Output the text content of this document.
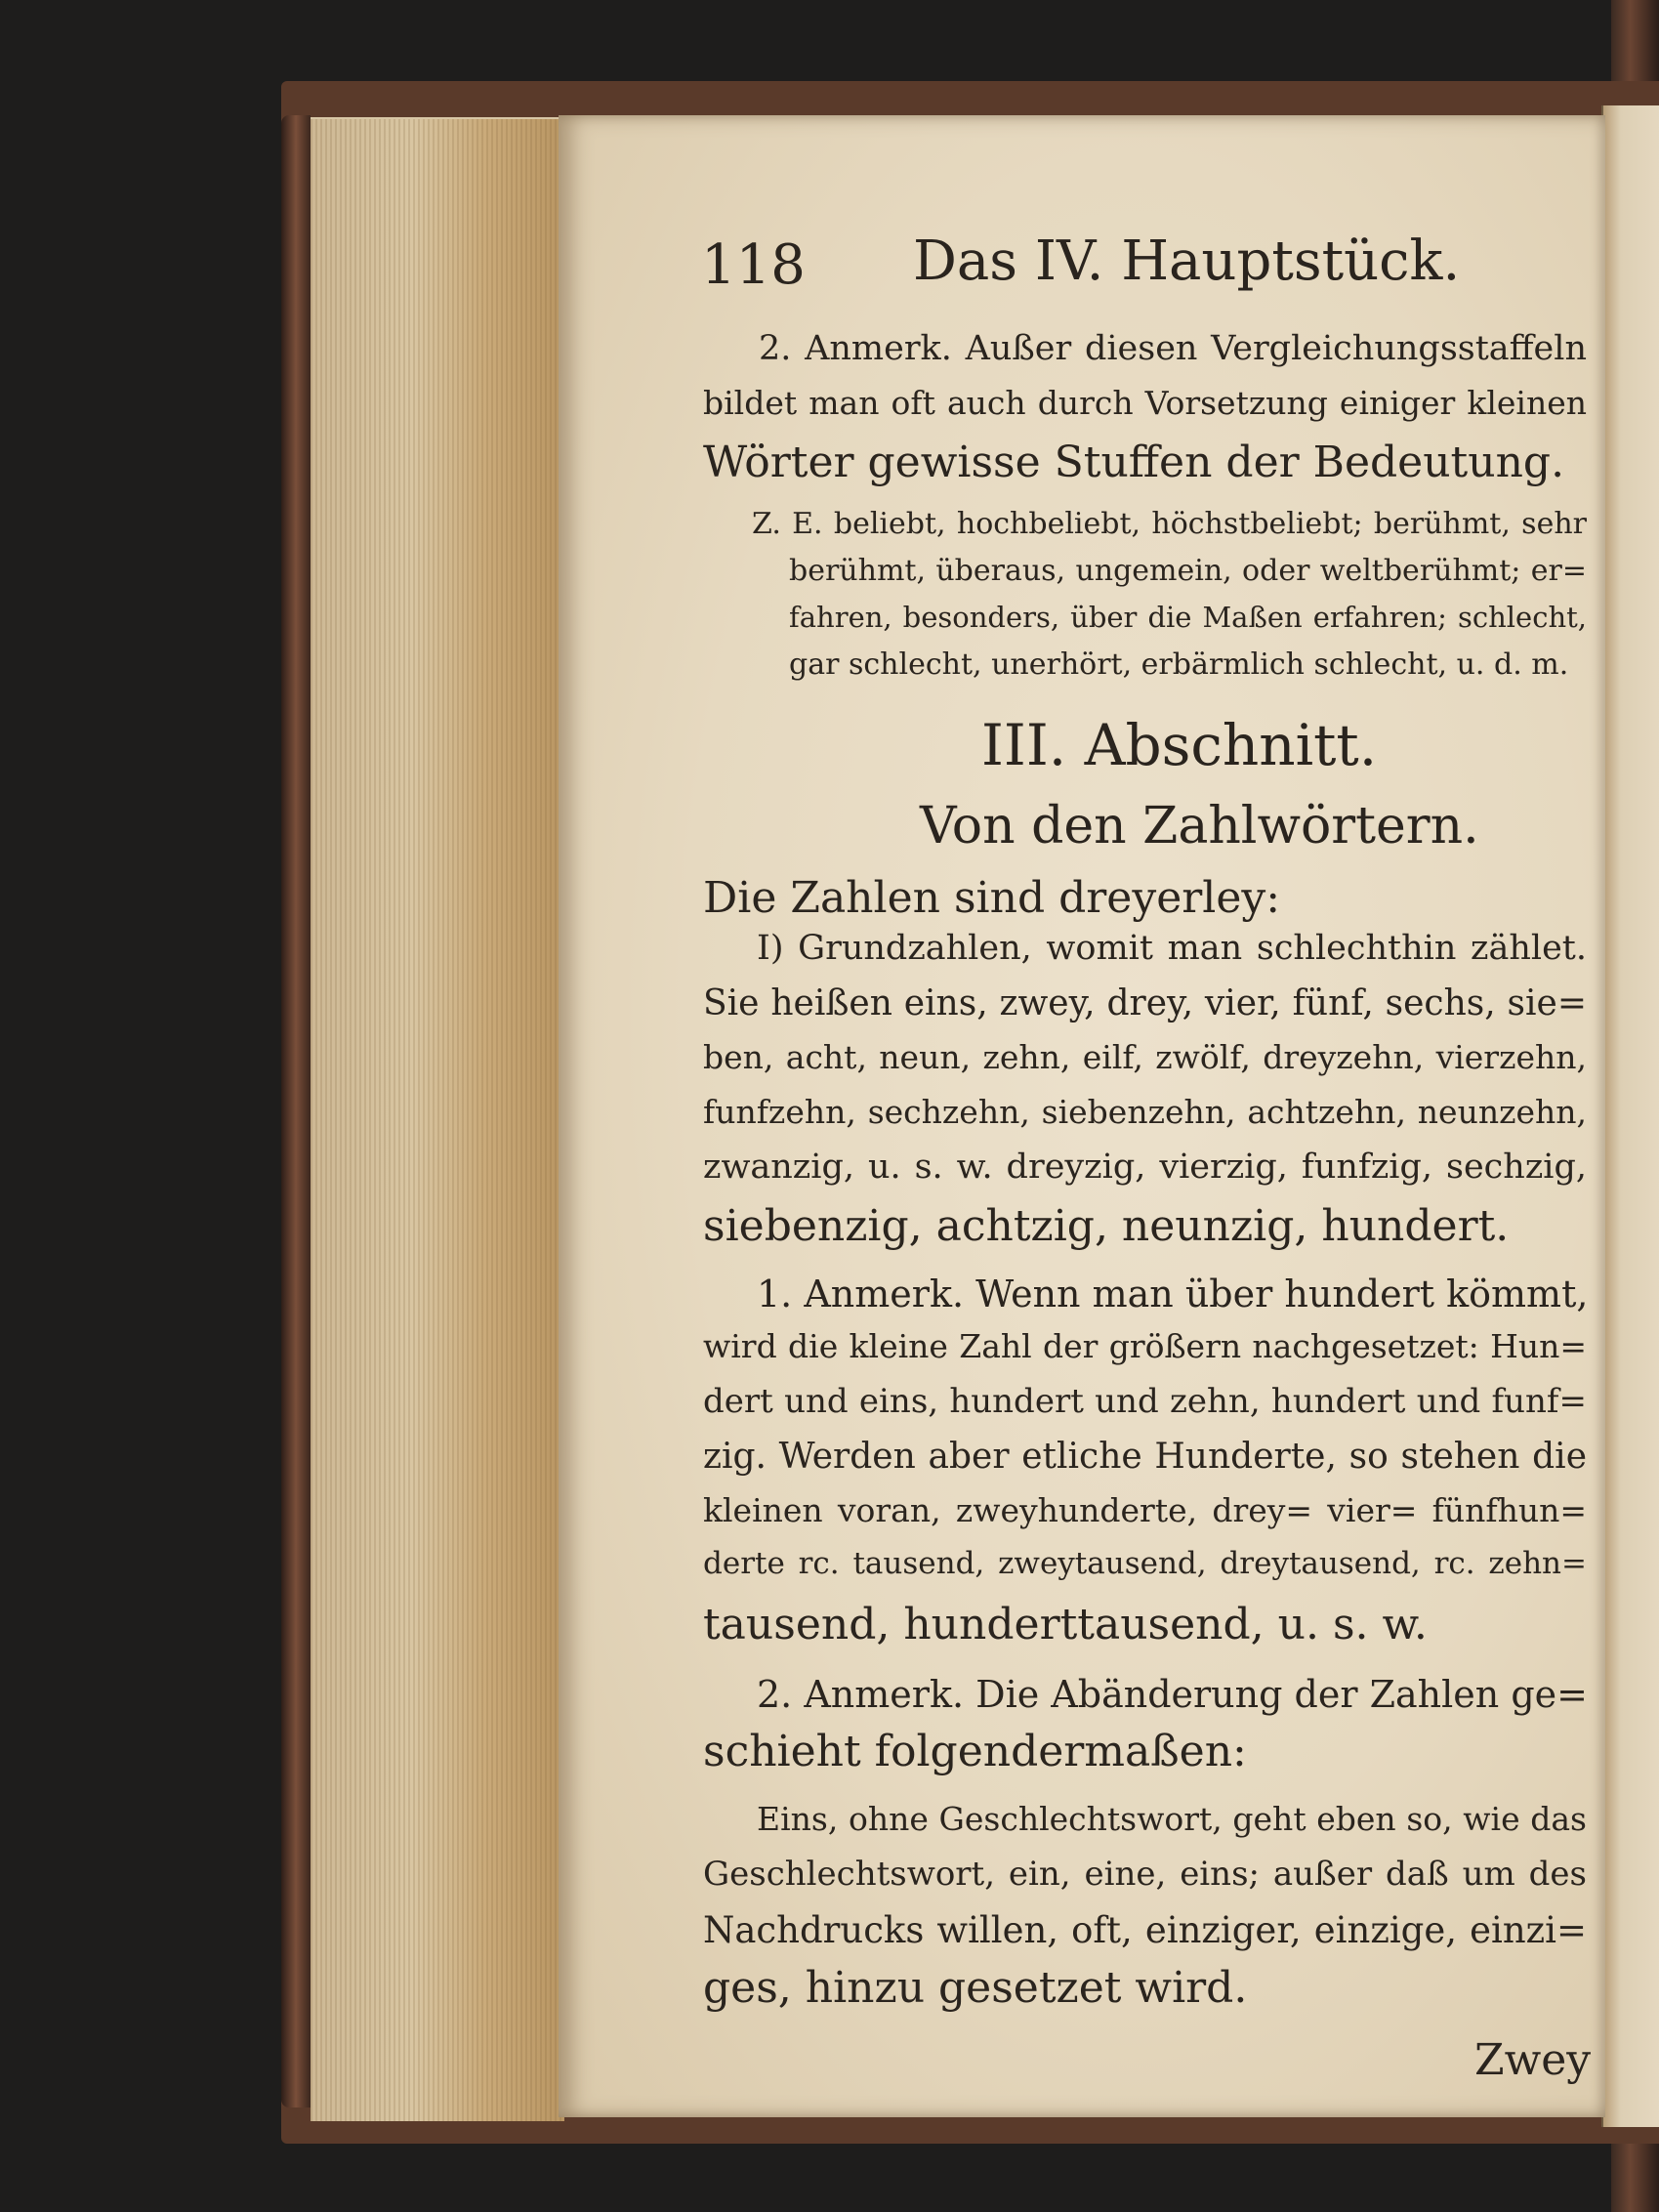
118 Das IV. Hauptstück.
2. Anmerk. Außer diesen Vergleichungsstaffeln
bildet man oft auch durch Vorsetzung einiger kleinen
Wörter gewisse Stuffen der Bedeutung.
Z. E. beliebt, hochbeliebt, höchstbeliebt; berühmt, sehr
berühmt, überaus, ungemein, oder weltberühmt; er=
fahren, besonders, über die Maßen erfahren; schlecht,
gar schlecht, unerhört, erbärmlich schlecht, u. d. m.
III. Abschnitt.
Von den Zahlwörtern.
Die Zahlen sind dreyerley:
I) Grundzahlen, womit man schlechthin zählet.
Sie heißen eins, zwey, drey, vier, fünf, sechs, sie=
ben, acht, neun, zehn, eilf, zwölf, dreyzehn, vierzehn,
funfzehn, sechzehn, siebenzehn, achtzehn, neunzehn,
zwanzig, u. s. w. dreyzig, vierzig, funfzig, sechzig,
siebenzig, achtzig, neunzig, hundert.
1. Anmerk. Wenn man über hundert kömmt,
wird die kleine Zahl der größern nachgesetzet: Hun=
dert und eins, hundert und zehn, hundert und funf=
zig. Werden aber etliche Hunderte, so stehen die
kleinen voran, zweyhunderte, drey= vier= fünfhun=
derte rc. tausend, zweytausend, dreytausend, rc. zehn=
tausend, hunderttausend, u. s. w.
2. Anmerk. Die Abänderung der Zahlen ge=
schieht folgendermaßen:
Eins, ohne Geschlechtswort, geht eben so, wie das
Geschlechtswort, ein, eine, eins; außer daß um des
Nachdrucks willen, oft, einziger, einzige, einzi=
ges, hinzu gesetzet wird.
Zwey
